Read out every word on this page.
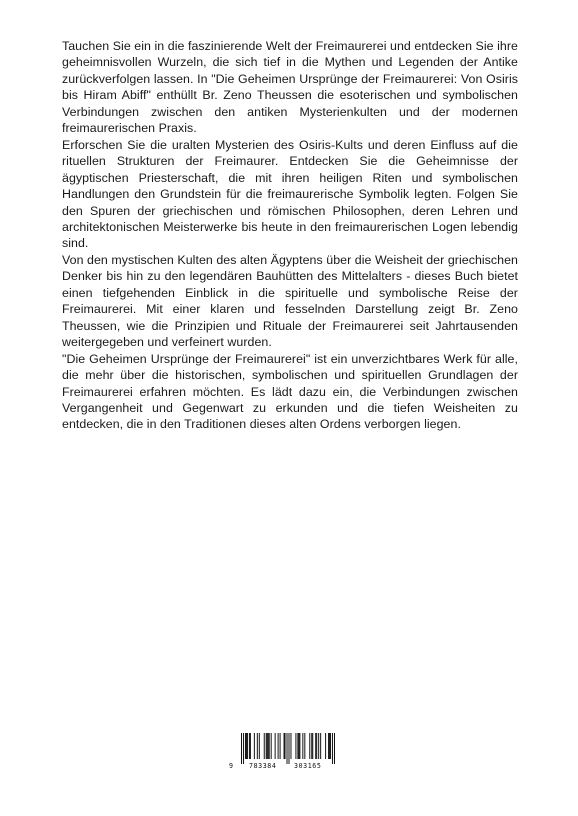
Tauchen Sie ein in die faszinierende Welt der Freimaurerei und entdecken Sie ihre geheimnisvollen Wurzeln, die sich tief in die Mythen und Legenden der Antike zurückverfolgen lassen. In "Die Geheimen Ursprünge der Freimaurerei: Von Osiris bis Hiram Abiff" enthüllt Br. Zeno Theussen die esoterischen und symbolischen Verbindungen zwischen den antiken Mysterienkulten und der modernen freimaurerischen Praxis.

Erforschen Sie die uralten Mysterien des Osiris-Kults und deren Einfluss auf die rituellen Strukturen der Freimaurer. Entdecken Sie die Geheimnisse der ägyptischen Priesterschaft, die mit ihren heiligen Riten und symbolischen Handlungen den Grundstein für die freimaurerische Symbolik legten. Folgen Sie den Spuren der griechischen und römischen Philosophen, deren Lehren und architektonischen Meisterwerke bis heute in den freimaurerischen Logen lebendig sind.

Von den mystischen Kulten des alten Ägyptens über die Weisheit der griechischen Denker bis hin zu den legendären Bauhütten des Mittelalters - dieses Buch bietet einen tiefgehenden Einblick in die spirituelle und symbolische Reise der Freimaurerei. Mit einer klaren und fesselnden Darstellung zeigt Br. Zeno Theussen, wie die Prinzipien und Rituale der Freimaurerei seit Jahrtausenden weitergegeben und verfeinert wurden.

"Die Geheimen Ursprünge der Freimaurerei" ist ein unverzichtbares Werk für alle, die mehr über die historischen, symbolischen und spirituellen Grundlagen der Freimaurerei erfahren möchten. Es lädt dazu ein, die Verbindungen zwischen Vergangenheit und Gegenwart zu erkunden und die tiefen Weisheiten zu entdecken, die in den Traditionen dieses alten Ordens verborgen liegen.

9 783384	303165
